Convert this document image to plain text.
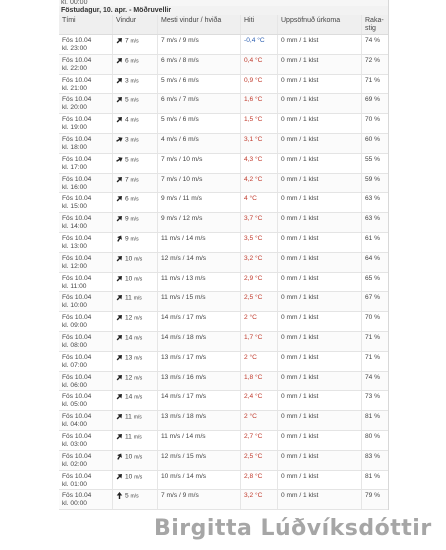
kl. 00:00
Föstudagur, 10. apr. - Möðruvellir
Tími	Vindur	Mesti vindur / hviða	Hiti	Uppsöfnuð úrkoma	Raka-
stig
Fös 10.04
kl. 23:00
7 m/s	7 m/s / 9 m/s	-0,4 °C	0 mm / 1 klst	74 %
Fös 10.04
kl. 22:00
6 m/s	6 m/s / 8 m/s	0,4 °C	0 mm / 1 klst	72 %
Fös 10.04
kl. 21:00
3 m/s	5 m/s / 6 m/s	0,9 °C	0 mm / 1 klst	71 %
Fös 10.04
kl. 20:00
5 m/s	6 m/s / 7 m/s	1,6 °C	0 mm / 1 klst	69 %
Fös 10.04
kl. 19:00
4 m/s	5 m/s / 6 m/s	1,5 °C	0 mm / 1 klst	70 %
Fös 10.04
kl. 18:00
3 m/s	4 m/s / 6 m/s	3,1 °C	0 mm / 1 klst	60 %
Fös 10.04
kl. 17:00
5 m/s	7 m/s / 10 m/s	4,3 °C	0 mm / 1 klst	55 %
Fös 10.04
kl. 16:00
7 m/s	7 m/s / 10 m/s	4,2 °C	0 mm / 1 klst	59 %
Fös 10.04
kl. 15:00
6 m/s	9 m/s / 11 m/s	4 °C	0 mm / 1 klst	63 %
Fös 10.04
kl. 14:00
9 m/s	9 m/s / 12 m/s	3,7 °C	0 mm / 1 klst	63 %
Fös 10.04
kl. 13:00
9 m/s	11 m/s / 14 m/s	3,5 °C	0 mm / 1 klst	61 %
Fös 10.04
kl. 12:00
10 m/s	12 m/s / 14 m/s	3,2 °C	0 mm / 1 klst	64 %
Fös 10.04
kl. 11:00
10 m/s	11 m/s / 13 m/s	2,9 °C	0 mm / 1 klst	65 %
Fös 10.04
kl. 10:00
11 m/s	11 m/s / 15 m/s	2,5 °C	0 mm / 1 klst	67 %
Fös 10.04
kl. 09:00
12 m/s	14 m/s / 17 m/s	2 °C	0 mm / 1 klst	70 %
Fös 10.04
kl. 08:00
14 m/s	14 m/s / 18 m/s	1,7 °C	0 mm / 1 klst	71 %
Fös 10.04
kl. 07:00
13 m/s	13 m/s / 17 m/s	2 °C	0 mm / 1 klst	71 %
Fös 10.04
kl. 06:00
12 m/s	13 m/s / 16 m/s	1,8 °C	0 mm / 1 klst	74 %
Fös 10.04
kl. 05:00
14 m/s	14 m/s / 17 m/s	2,4 °C	0 mm / 1 klst	73 %
Fös 10.04
kl. 04:00
11 m/s	13 m/s / 18 m/s	2 °C	0 mm / 1 klst	81 %
Fös 10.04
kl. 03:00
11 m/s	11 m/s / 14 m/s	2,7 °C	0 mm / 1 klst	80 %
Fös 10.04
kl. 02:00
10 m/s	12 m/s / 15 m/s	2,5 °C	0 mm / 1 klst	83 %
Fös 10.04
kl. 01:00
10 m/s	10 m/s / 14 m/s	2,8 °C	0 mm / 1 klst	81 %
Fös 10.04
kl. 00:00
5 m/s	7 m/s / 9 m/s	3,2 °C	0 mm / 1 klst	79 %
Birgitta Lúðvíksdóttir
